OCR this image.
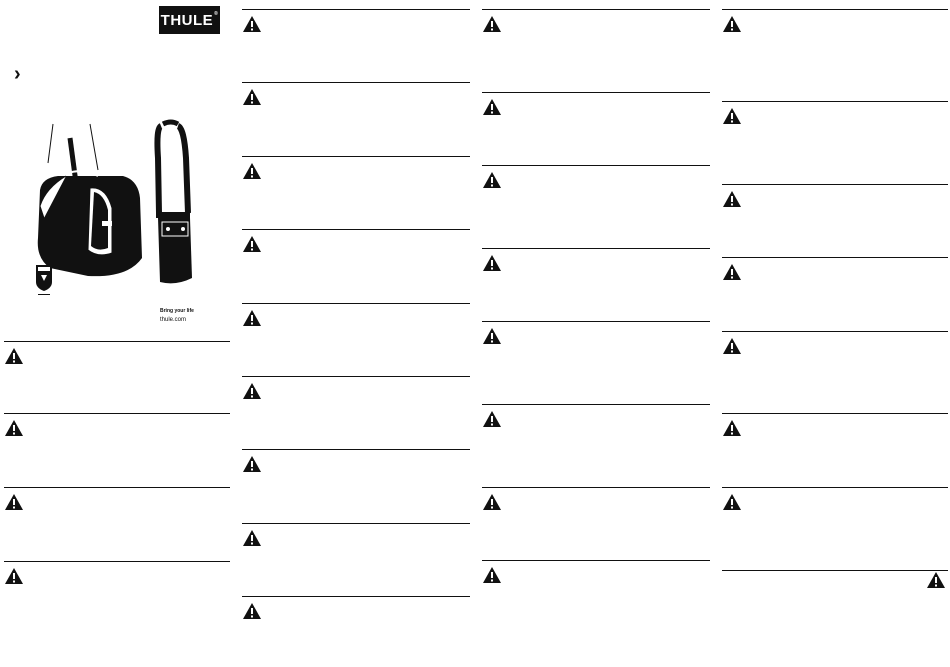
THULE®
›
Bring your life
thule.com
